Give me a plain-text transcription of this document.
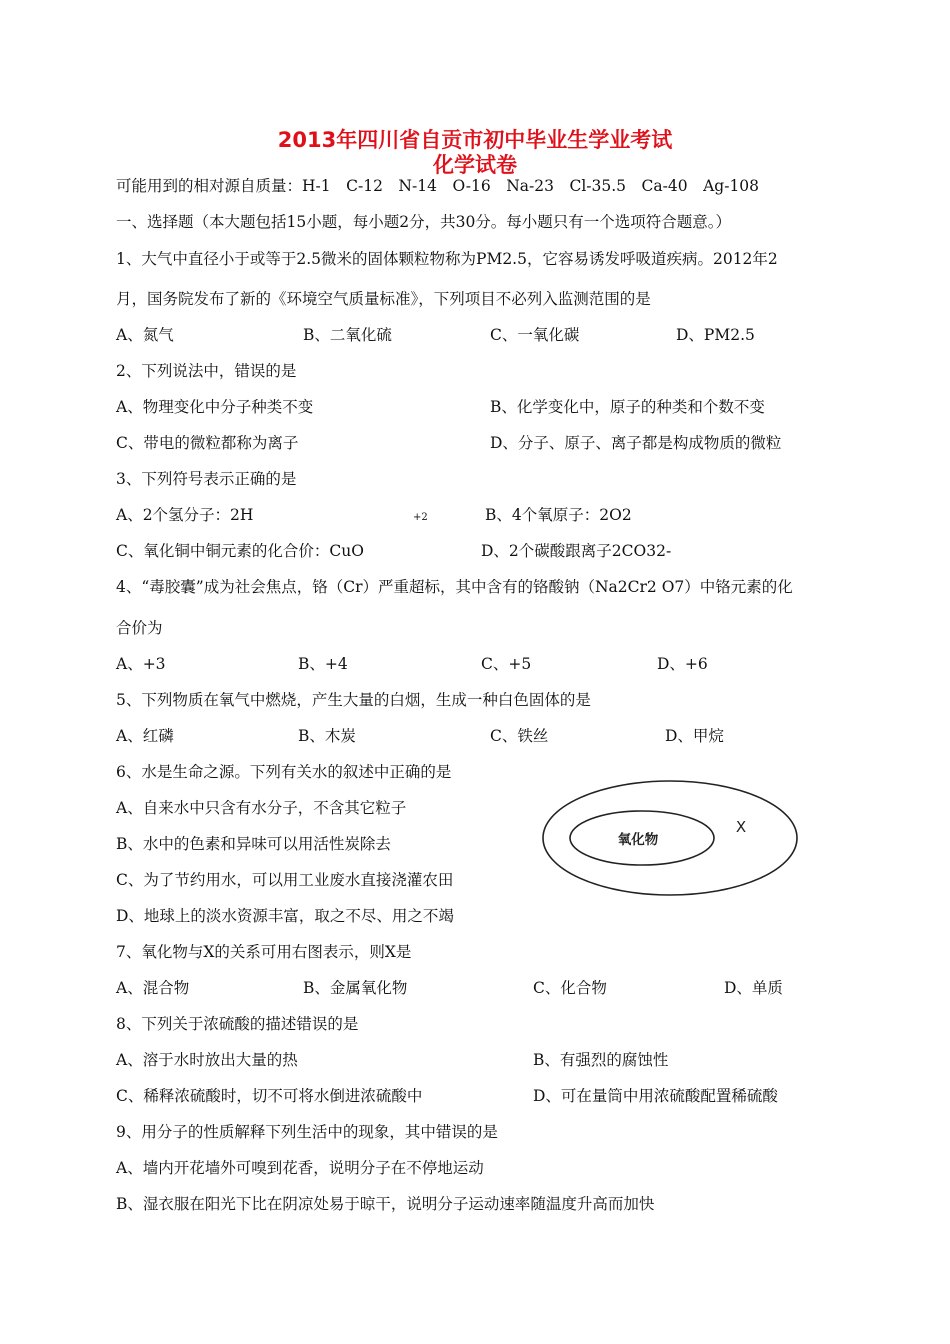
2013年四川省自贡市初中毕业生学业考试
化学试卷
可能用到的相对源自质量：H-1　C-12　N-14　O-16　Na-23　Cl-35.5　Ca-40　Ag-108
一、选择题（本大题包括15小题，每小题2分，共30分。每小题只有一个选项符合题意。）
1、大气中直径小于或等于2.5微米的固体颗粒物称为PM2.5，它容易诱发呼吸道疾病。2012年2
月，国务院发布了新的《环境空气质量标准》，下列项目不必列入监测范围的是
A、氮气	B、二氧化硫	C、一氧化碳	D、PM2.5
2、下列说法中，错误的是
A、物理变化中分子种类不变	B、化学变化中，原子的种类和个数不变
C、带电的微粒都称为离子	D、分子、原子、离子都是构成物质的微粒
3、下列符号表示正确的是
A、2个氢分子：2H	+2	B、4个氧原子：2O2
C、氧化铜中铜元素的化合价：CuO	D、2个碳酸跟离子2CO32-
4、“毒胶囊”成为社会焦点，铬（Cr）严重超标，其中含有的铬酸钠（Na2Cr2 O7）中铬元素的化
合价为
A、+3	B、+4	C、+5	D、+6
5、下列物质在氧气中燃烧，产生大量的白烟，生成一种白色固体的是
A、红磷	B、木炭	C、铁丝	D、甲烷
6、水是生命之源。下列有关水的叙述中正确的是
A、自来水中只含有水分子，不含其它粒子
B、水中的色素和异味可以用活性炭除去
C、为了节约用水，可以用工业废水直接浇灌农田
D、地球上的淡水资源丰富，取之不尽、用之不竭
氧化物
X
7、氧化物与X的关系可用右图表示，则X是
A、混合物	B、金属氧化物	C、化合物	D、单质
8、下列关于浓硫酸的描述错误的是
A、溶于水时放出大量的热	B、有强烈的腐蚀性
C、稀释浓硫酸时，切不可将水倒进浓硫酸中	D、可在量筒中用浓硫酸配置稀硫酸
9、用分子的性质解释下列生活中的现象，其中错误的是
A、墙内开花墙外可嗅到花香，说明分子在不停地运动
B、湿衣服在阳光下比在阴凉处易于晾干，说明分子运动速率随温度升高而加快
